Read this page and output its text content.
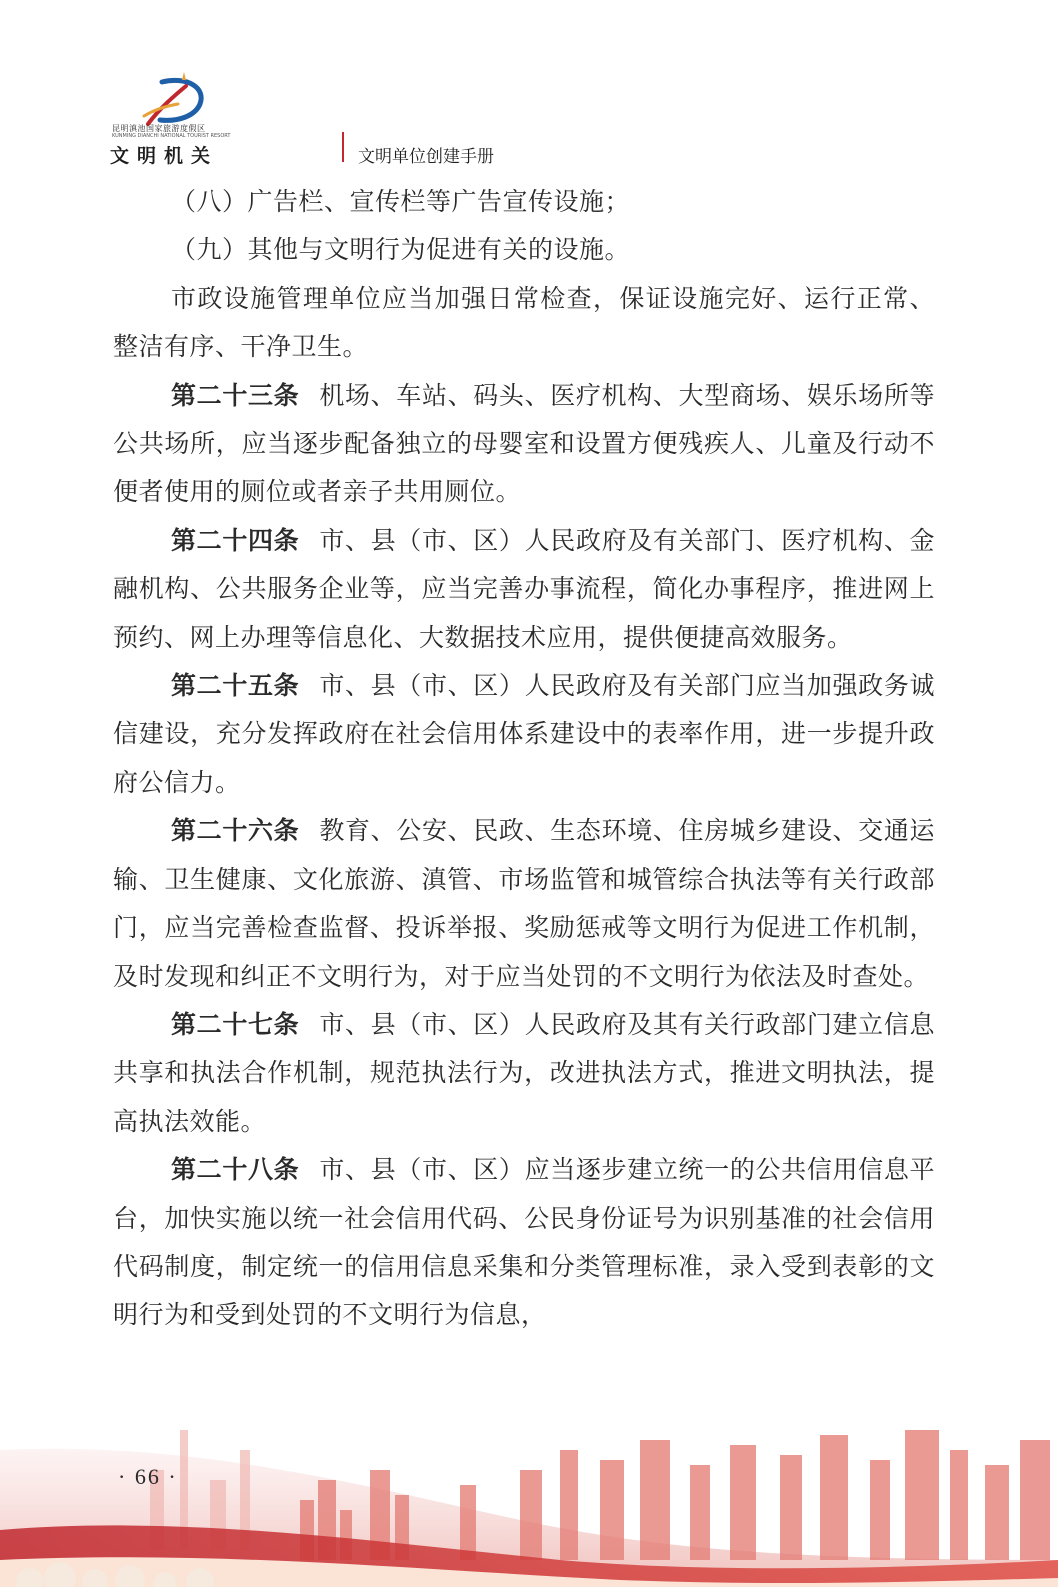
昆明滇池国家旅游度假区
KUNMING DIANCHI NATIONAL TOURIST RESORT
文明机关	文明单位创建手册

（八）广告栏、宣传栏等广告宣传设施；

（九）其他与文明行为促进有关的设施。

市政设施管理单位应当加强日常检查，保证设施完好、运行正常、整洁有序、干净卫生。

第二十三条 机场、车站、码头、医疗机构、大型商场、娱乐场所等公共场所，应当逐步配备独立的母婴室和设置方便残疾人、儿童及行动不便者使用的厕位或者亲子共用厕位。

第二十四条 市、县（市、区）人民政府及有关部门、医疗机构、金融机构、公共服务企业等，应当完善办事流程，简化办事程序，推进网上预约、网上办理等信息化、大数据技术应用，提供便捷高效服务。

第二十五条 市、县（市、区）人民政府及有关部门应当加强政务诚信建设，充分发挥政府在社会信用体系建设中的表率作用，进一步提升政府公信力。

第二十六条 教育、公安、民政、生态环境、住房城乡建设、交通运输、卫生健康、文化旅游、滇管、市场监管和城管综合执法等有关行政部门，应当完善检查监督、投诉举报、奖励惩戒等文明行为促进工作机制，及时发现和纠正不文明行为，对于应当处罚的不文明行为依法及时查处。

第二十七条 市、县（市、区）人民政府及其有关行政部门建立信息共享和执法合作机制，规范执法行为，改进执法方式，推进文明执法，提高执法效能。

第二十八条 市、县（市、区）应当逐步建立统一的公共信用信息平台，加快实施以统一社会信用代码、公民身份证号为识别基准的社会信用代码制度，制定统一的信用信息采集和分类管理标准，录入受到表彰的文明行为和受到处罚的不文明行为信息，

· 66 ·
